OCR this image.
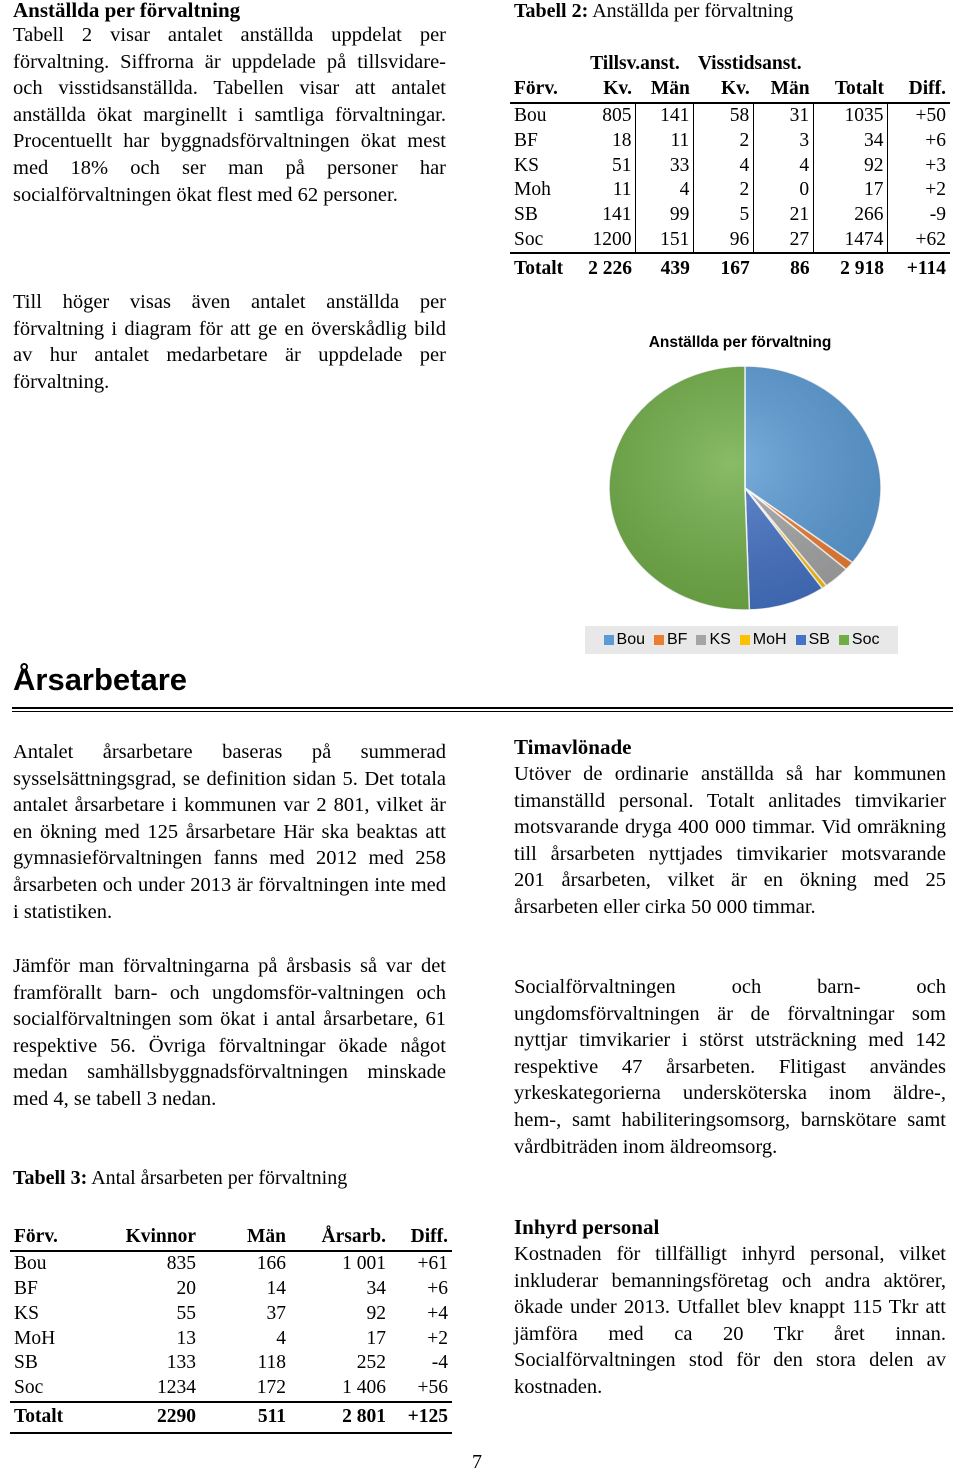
Anställda per förvaltning

Tabell 2 visar antalet anställda uppdelat per förvaltning. Siffrorna är uppdelade på tillsvidare- och visstidsanställda. Tabellen visar att antalet anställda ökat marginellt i samtliga förvaltningar. Procentuellt har byggnadsförvaltningen ökat mest med 18% och ser man på personer har socialförvaltningen ökat flest med 62 personer.

Till höger visas även antalet anställda per förvaltning i diagram för att ge en överskådlig bild av hur antalet medarbetare är uppdelade per förvaltning.

Tabell 2: Anställda per förvaltning
	Tillsv.anst.		Visstidsanst.			
Förv.	Kv.	Män	Kv.	Män	Totalt	Diff.
Bou	805	141	58	31	1035	+50
BF	18	11	2	3	34	+6
KS	51	33	4	4	92	+3
Moh	11	4	2	0	17	+2
SB	141	99	5	21	266	-9
Soc	1200	151	96	27	1474	+62
Totalt	2 226	439	167	86	2 918	+114
Anställda per förvaltning
Bou BF KS MoH SB Soc
Årsarbetare

Antalet årsarbetare baseras på summerad sysselsättningsgrad, se definition sidan 5. Det totala antalet årsarbetare i kommunen var 2 801, vilket är en ökning med 125 årsarbetare Här ska beaktas att gymnasieförvaltningen fanns med 2012 med 258 årsarbeten och under 2013 är förvaltningen inte med i statistiken.

Jämför man förvaltningarna på årsbasis så var det framförallt barn- och ungdomsför-valtningen och socialförvaltningen som ökat i antal årsarbetare, 61 respektive 56. Övriga förvaltningar ökade något medan samhällsbyggnadsförvaltningen minskade med 4, se tabell 3 nedan.

Tabell 3: Antal årsarbeten per förvaltning
Förv.	Kvinnor	Män	Årsarb.	Diff.
Bou	835	166	1 001	+61
BF	20	14	34	+6
KS	55	37	92	+4
MoH	13	4	17	+2
SB	133	118	252	-4
Soc	1234	172	1 406	+56
Totalt	2290	511	2 801	+125
Timavlönade

Utöver de ordinarie anställda så har kommunen timanställd personal. Totalt anlitades timvikarier motsvarande dryga 400 000 timmar. Vid omräkning till årsarbeten nyttjades timvikarier motsvarande 201 årsarbeten, vilket är en ökning med 25 årsarbeten eller cirka 50 000 timmar.

Socialförvaltningen och barn- och ungdomsförvaltningen är de förvaltningar som nyttjar timvikarier i störst utsträckning med 142 respektive 47 årsarbeten. Flitigast användes yrkeskategorierna undersköterska inom äldre-, hem-, samt habiliteringsomsorg, barnskötare samt vårdbiträden inom äldreomsorg.

Inhyrd personal

Kostnaden för tillfälligt inhyrd personal, vilket inkluderar bemanningsföretag och andra aktörer, ökade under 2013. Utfallet blev knappt 115 Tkr att jämföra med ca 20 Tkr året innan. Socialförvaltningen stod för den stora delen av kostnaden.

7
